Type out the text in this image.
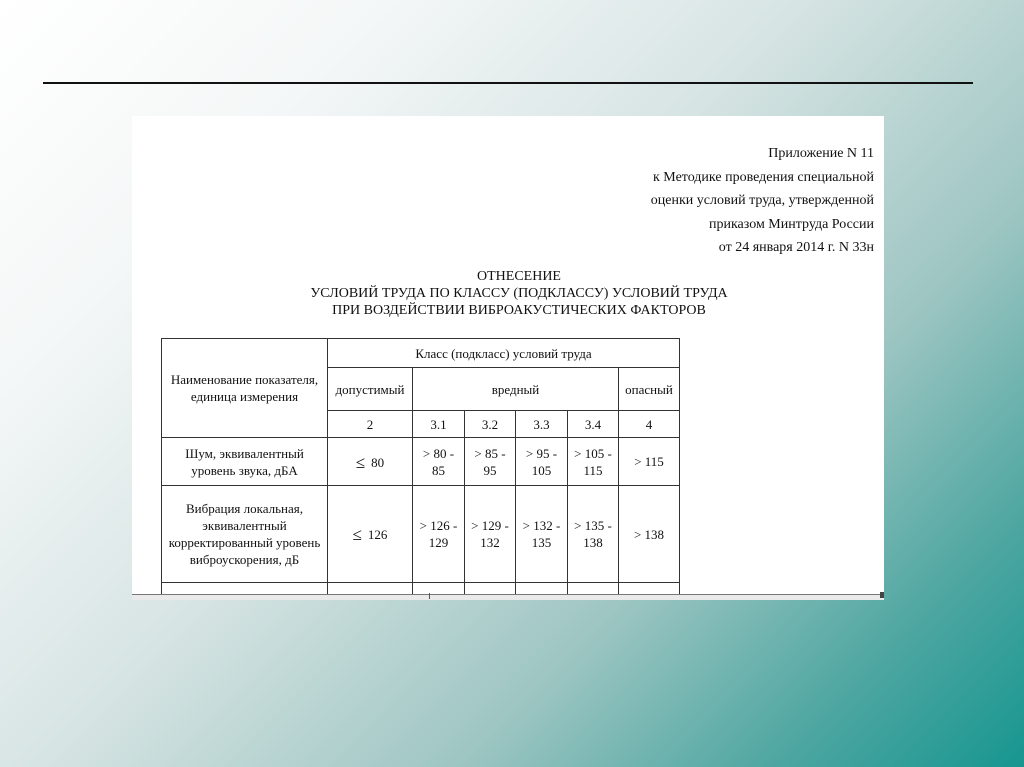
Приложение N 11
к Методике проведения специальной
оценки условий труда, утвержденной
приказом Минтруда России
от 24 января 2014 г. N 33н
ОТНЕСЕНИЕ
УСЛОВИЙ ТРУДА ПО КЛАССУ (ПОДКЛАССУ) УСЛОВИЙ ТРУДА
ПРИ ВОЗДЕЙСТВИИ ВИБРОАКУСТИЧЕСКИХ ФАКТОРОВ
Наименование показателя, единица измерения	Класс (подкласс) условий труда					
	допустимый	вредный				опасный
	2	3.1	3.2	3.3	3.4	4
Шум, эквивалентный уровень звука, дБА	≤ 80	> 80 - 85	> 85 - 95	> 95 - 105	> 105 - 115	> 115
Вибрация локальная, эквивалентный корректированный уровень виброускорения, дБ	≤ 126	> 126 - 129	> 129 - 132	> 132 - 135	> 135 - 138	> 138
